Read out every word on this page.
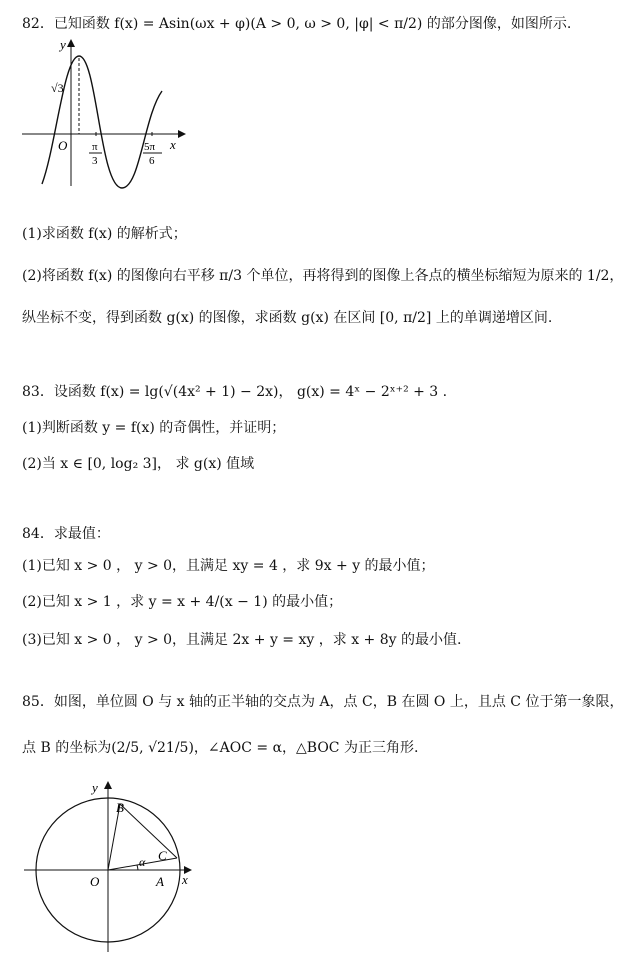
82．已知函数 f(x) = Asin(ωx + φ)(A > 0, ω > 0, |φ| < π/2) 的部分图像，如图所示.
y
x
O
√3
π
3
5π
6
(1)求函数 f(x) 的解析式；
(2)将函数 f(x) 的图像向右平移 π/3 个单位，再将得到的图像上各点的横坐标缩短为原来的 1/2，
纵坐标不变，得到函数 g(x) 的图像，求函数 g(x) 在区间 [0, π/2] 上的单调递增区间.
83．设函数 f(x) = lg(√(4x² + 1) − 2x)， g(x) = 4ˣ − 2ˣ⁺² + 3 .
(1)判断函数 y = f(x) 的奇偶性，并证明；
(2)当 x ∈ [0, log₂ 3]， 求 g(x) 值域
84．求最值：
(1)已知 x > 0 ， y > 0，且满足 xy = 4 ，求 9x + y 的最小值；
(2)已知 x > 1 ，求 y = x + 4/(x − 1) 的最小值；
(3)已知 x > 0 ， y > 0，且满足 2x + y = xy ，求 x + 8y 的最小值.
85．如图，单位圆 O 与 x 轴的正半轴的交点为 A，点 C，B 在圆 O 上，且点 C 位于第一象限，
点 B 的坐标为(2/5, √21/5)，∠AOC = α，△BOC 为正三角形.
y
x
O	A
B
C
α
